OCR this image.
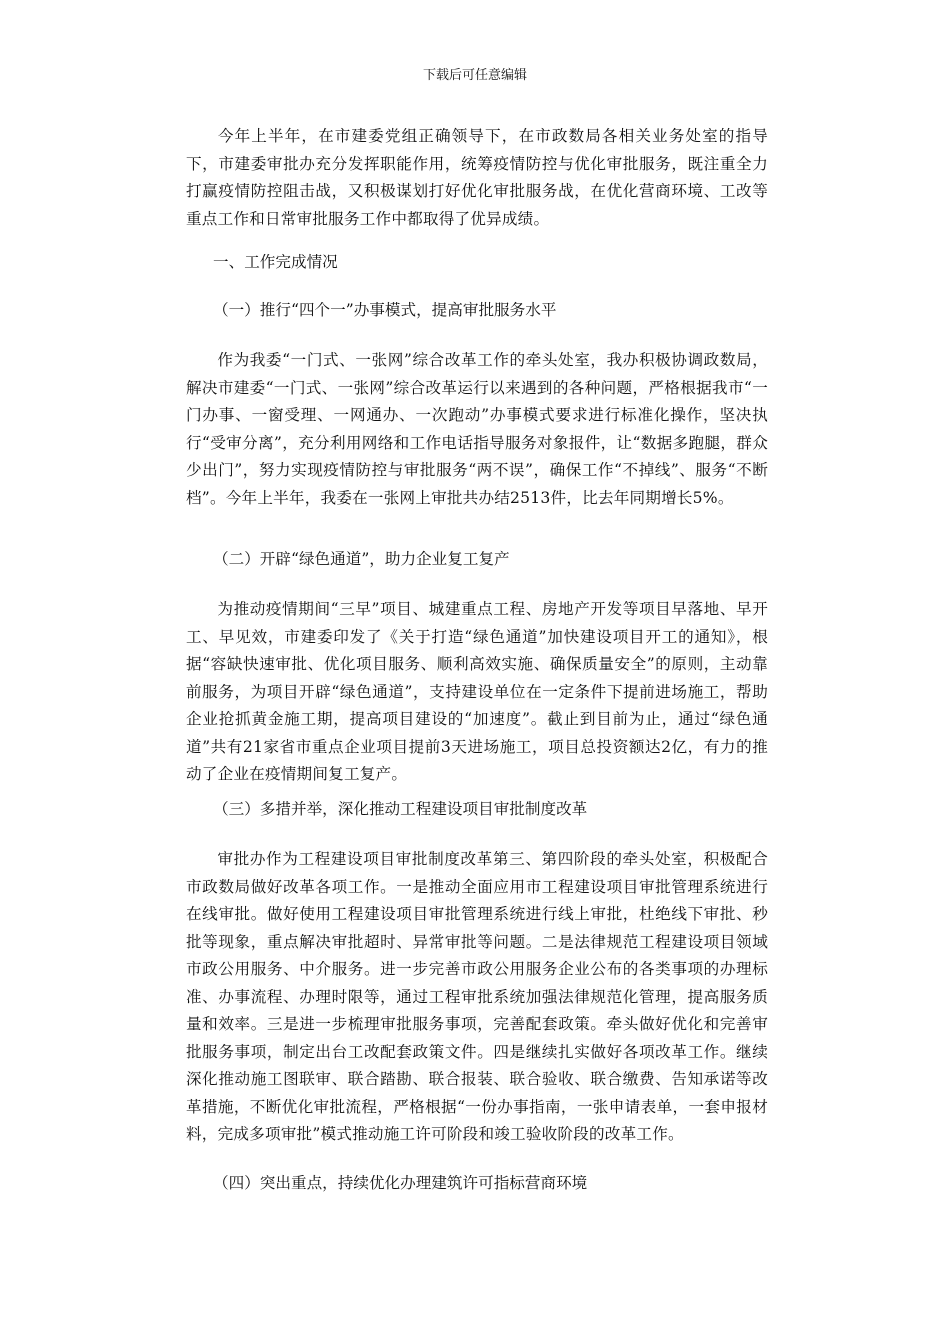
下载后可任意编辑

今年上半年，在市建委党组正确领导下，在市政数局各相关业务处室的指导下，市建委审批办充分发挥职能作用，统筹疫情防控与优化审批服务，既注重全力打赢疫情防控阻击战，又积极谋划打好优化审批服务战，在优化营商环境、工改等重点工作和日常审批服务工作中都取得了优异成绩。

一、工作完成情况

（一）推行“四个一”办事模式，提高审批服务水平

作为我委“一门式、一张网”综合改革工作的牵头处室，我办积极协调政数局，解决市建委“一门式、一张网”综合改革运行以来遇到的各种问题，严格根据我市“一门办事、一窗受理、一网通办、一次跑动”办事模式要求进行标准化操作，坚决执行“受审分离”，充分利用网络和工作电话指导服务对象报件，让“数据多跑腿，群众少出门”，努力实现疫情防控与审批服务“两不误”，确保工作“不掉线”、服务“不断档”。今年上半年，我委在一张网上审批共办结2513件，比去年同期增长5%。

（二）开辟“绿色通道”，助力企业复工复产

为推动疫情期间“三早”项目、城建重点工程、房地产开发等项目早落地、早开工、早见效，市建委印发了《关于打造“绿色通道”加快建设项目开工的通知》，根据“容缺快速审批、优化项目服务、顺利高效实施、确保质量安全”的原则，主动靠前服务，为项目开辟“绿色通道”，支持建设单位在一定条件下提前进场施工，帮助企业抢抓黄金施工期，提高项目建设的“加速度”。截止到目前为止，通过“绿色通道”共有21家省市重点企业项目提前3天进场施工，项目总投资额达2亿，有力的推动了企业在疫情期间复工复产。

（三）多措并举，深化推动工程建设项目审批制度改革

审批办作为工程建设项目审批制度改革第三、第四阶段的牵头处室，积极配合市政数局做好改革各项工作。一是推动全面应用市工程建设项目审批管理系统进行在线审批。做好使用工程建设项目审批管理系统进行线上审批，杜绝线下审批、秒批等现象，重点解决审批超时、异常审批等问题。二是法律规范工程建设项目领域市政公用服务、中介服务。进一步完善市政公用服务企业公布的各类事项的办理标准、办事流程、办理时限等，通过工程审批系统加强法律规范化管理，提高服务质量和效率。三是进一步梳理审批服务事项，完善配套政策。牵头做好优化和完善审批服务事项，制定出台工改配套政策文件。四是继续扎实做好各项改革工作。继续深化推动施工图联审、联合踏勘、联合报装、联合验收、联合缴费、告知承诺等改革措施，不断优化审批流程，严格根据“一份办事指南，一张申请表单，一套申报材料，完成多项审批”模式推动施工许可阶段和竣工验收阶段的改革工作。

（四）突出重点，持续优化办理建筑许可指标营商环境
